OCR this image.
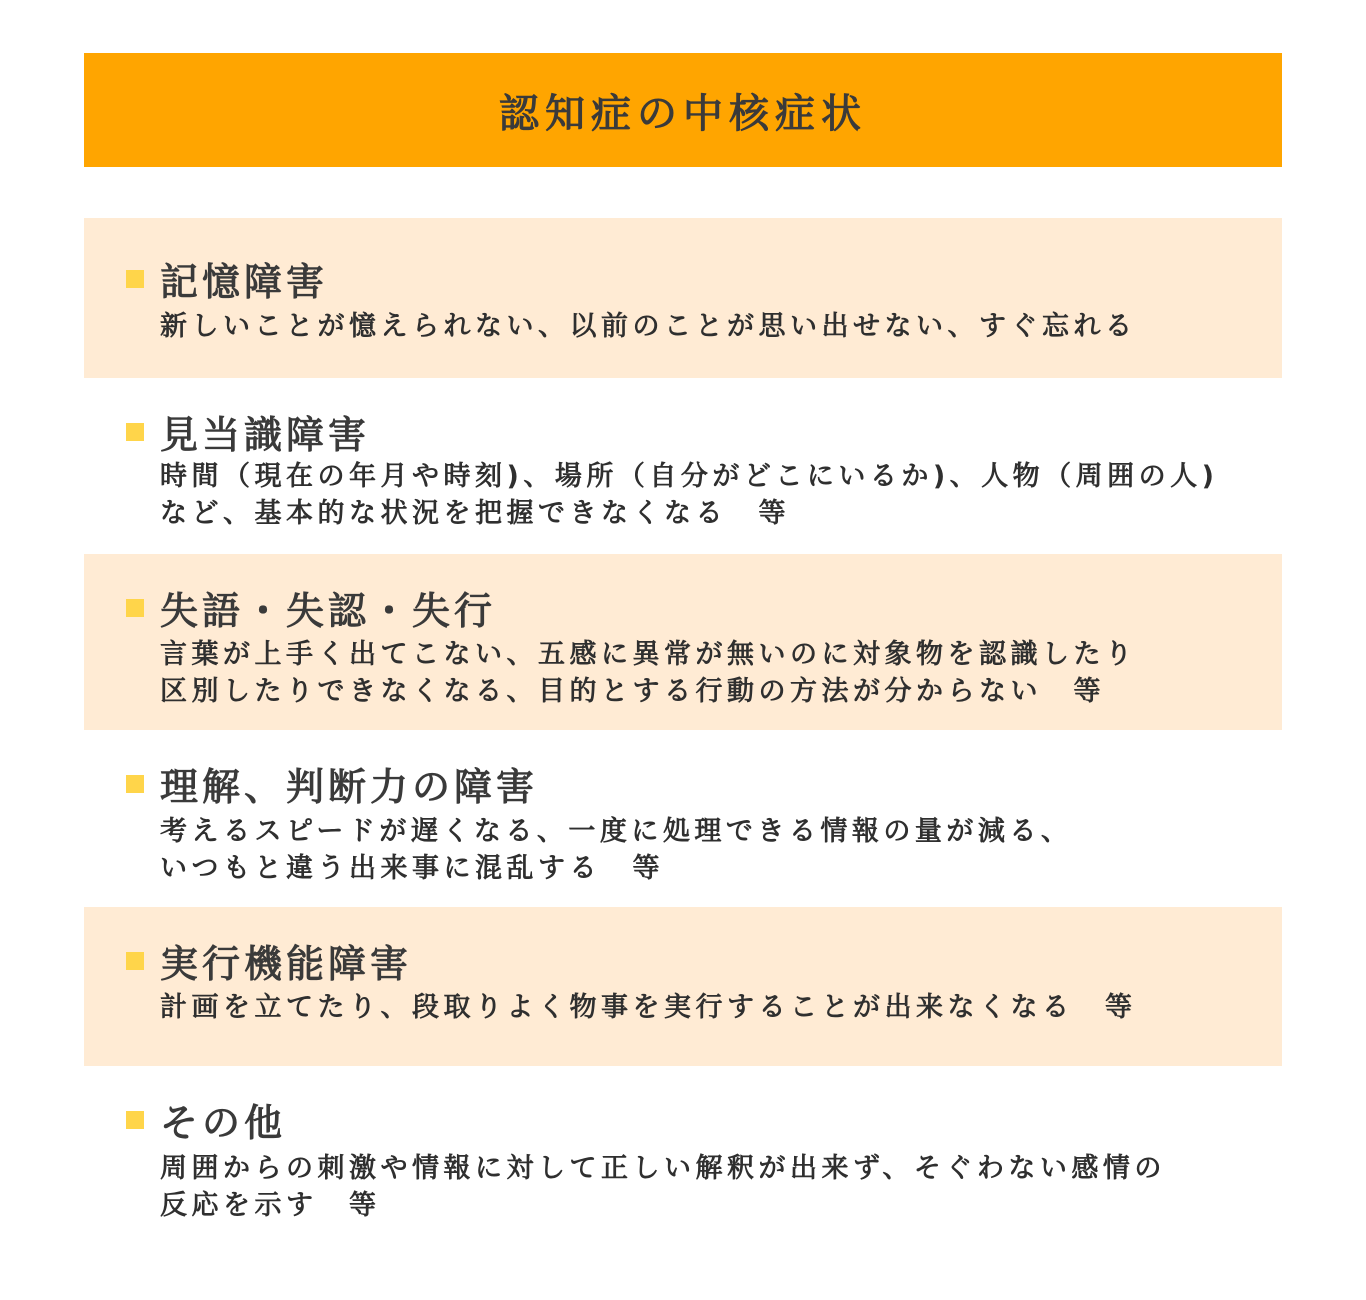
認知症の中核症状
記憶障害
新しいことが憶えられない、以前のことが思い出せない、すぐ忘れる
見当識障害
時間（現在の年月や時刻)、場所（自分がどこにいるか)、人物（周囲の人)
など、基本的な状況を把握できなくなる　等
失語・失認・失行
言葉が上手く出てこない、五感に異常が無いのに対象物を認識したり
区別したりできなくなる、目的とする行動の方法が分からない　等
理解、判断力の障害
考えるスピードが遅くなる、一度に処理できる情報の量が減る、
いつもと違う出来事に混乱する　等
実行機能障害
計画を立てたり、段取りよく物事を実行することが出来なくなる　等
その他
周囲からの刺激や情報に対して正しい解釈が出来ず、そぐわない感情の
反応を示す　等
